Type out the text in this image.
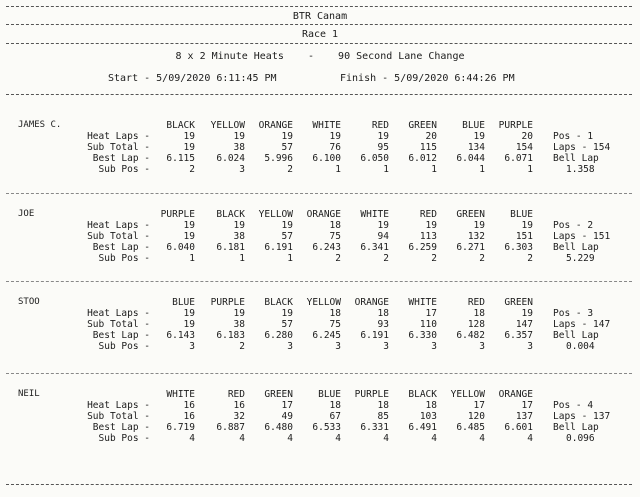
BTR Canam
Race 1
8 x 2 Minute Heats    -    90 Second Lane Change
Start - 5/09/2020 6:11:45 PM	Finish - 5/09/2020 6:44:26 PM
JAMES C.	BLACK	YELLOW	ORANGE	WHITE	RED	GREEN	BLUE	PURPLE
Heat Laps -	19	19	19	19	19	20	19	20 Pos - 1
Sub Total -	19	38	57	76	95	115	134	154 Laps - 154
Best Lap -	6.115	6.024	5.996	6.100	6.050	6.012	6.044	6.071 Bell Lap
Sub Pos -	2	3	2	1	1	1	1	1	1.358
JOE	PURPLE	BLACK	YELLOW	ORANGE	WHITE	RED	GREEN	BLUE
Heat Laps -	19	19	19	18	19	19	19	19 Pos - 2
Sub Total -	19	38	57	75	94	113	132	151 Laps - 151
Best Lap -	6.040	6.181	6.191	6.243	6.341	6.259	6.271	6.303 Bell Lap
Sub Pos -	1	1	1	2	2	2	2	2	5.229
STOO	BLUE	PURPLE	BLACK	YELLOW	ORANGE	WHITE	RED	GREEN
Heat Laps -	19	19	19	18	18	17	18	19 Pos - 3
Sub Total -	19	38	57	75	93	110	128	147 Laps - 147
Best Lap -	6.143	6.183	6.280	6.245	6.191	6.330	6.482	6.357 Bell Lap
Sub Pos -	3	2	3	3	3	3	3	3	0.004
NEIL	WHITE	RED	GREEN	BLUE	PURPLE	BLACK	YELLOW	ORANGE
Heat Laps -	16	16	17	18	18	18	17	17 Pos - 4
Sub Total -	16	32	49	67	85	103	120	137 Laps - 137
Best Lap -	6.719	6.887	6.480	6.533	6.331	6.491	6.485	6.601 Bell Lap
Sub Pos -	4	4	4	4	4	4	4	4	0.096
